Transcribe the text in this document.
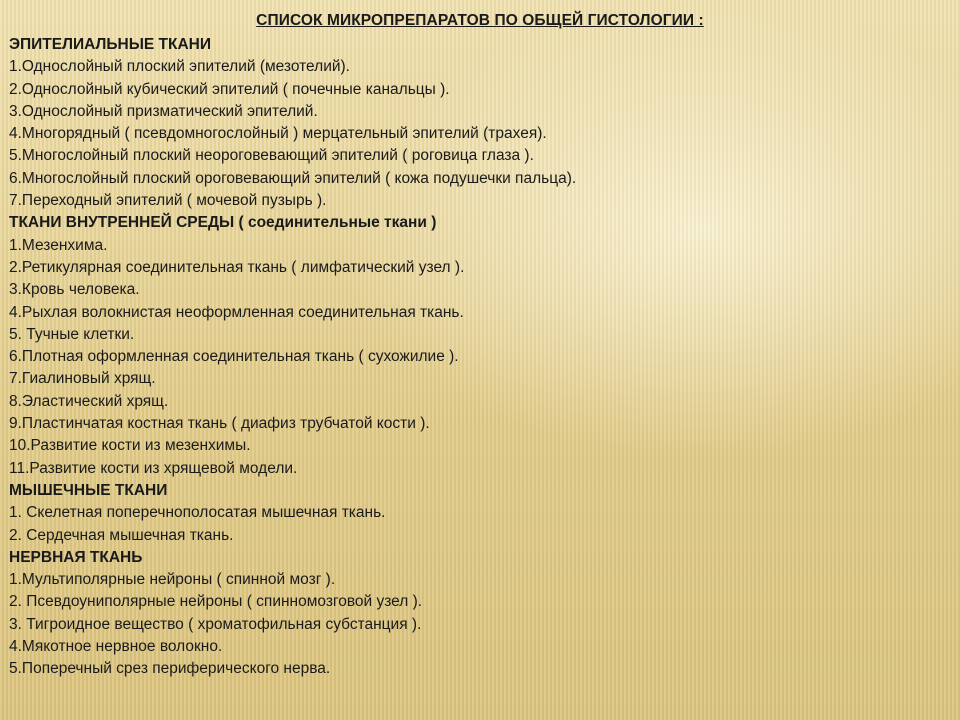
СПИСОК МИКРОПРЕПАРАТОВ ПО ОБЩЕЙ ГИСТОЛОГИИ :
ЭПИТЕЛИАЛЬНЫЕ ТКАНИ
1.Однослойный плоский эпителий (мезотелий).
2.Однослойный кубический эпителий ( почечные канальцы ).
3.Однослойный призматический эпителий.
4.Многорядный ( псевдомногослойный ) мерцательный эпителий (трахея).
5.Многослойный плоский неороговевающий эпителий ( роговица глаза ).
6.Многослойный плоский ороговевающий эпителий ( кожа подушечки пальца).
7.Переходный эпителий ( мочевой пузырь ).
ТКАНИ ВНУТРЕННЕЙ СРЕДЫ ( соединительные ткани )
1.Мезенхима.
2.Ретикулярная соединительная ткань ( лимфатический узел ).
3.Кровь человека.
4.Рыхлая волокнистая неоформленная соединительная ткань.
5. Тучные клетки.
6.Плотная оформленная соединительная ткань ( сухожилие ).
7.Гиалиновый хрящ.
8.Эластический хрящ.
9.Пластинчатая костная ткань ( диафиз трубчатой кости ).
10.Развитие кости из мезенхимы.
11.Развитие кости из хрящевой модели.
МЫШЕЧНЫЕ ТКАНИ
1. Скелетная поперечнополосатая мышечная ткань.
2. Сердечная мышечная ткань.
НЕРВНАЯ ТКАНЬ
1.Мультиполярные нейроны ( спинной мозг ).
2. Псевдоуниполярные нейроны ( спинномозговой узел ).
3. Тигроидное вещество ( хроматофильная субстанция ).
4.Мякотное нервное волокно.
5.Поперечный срез периферического нерва.
